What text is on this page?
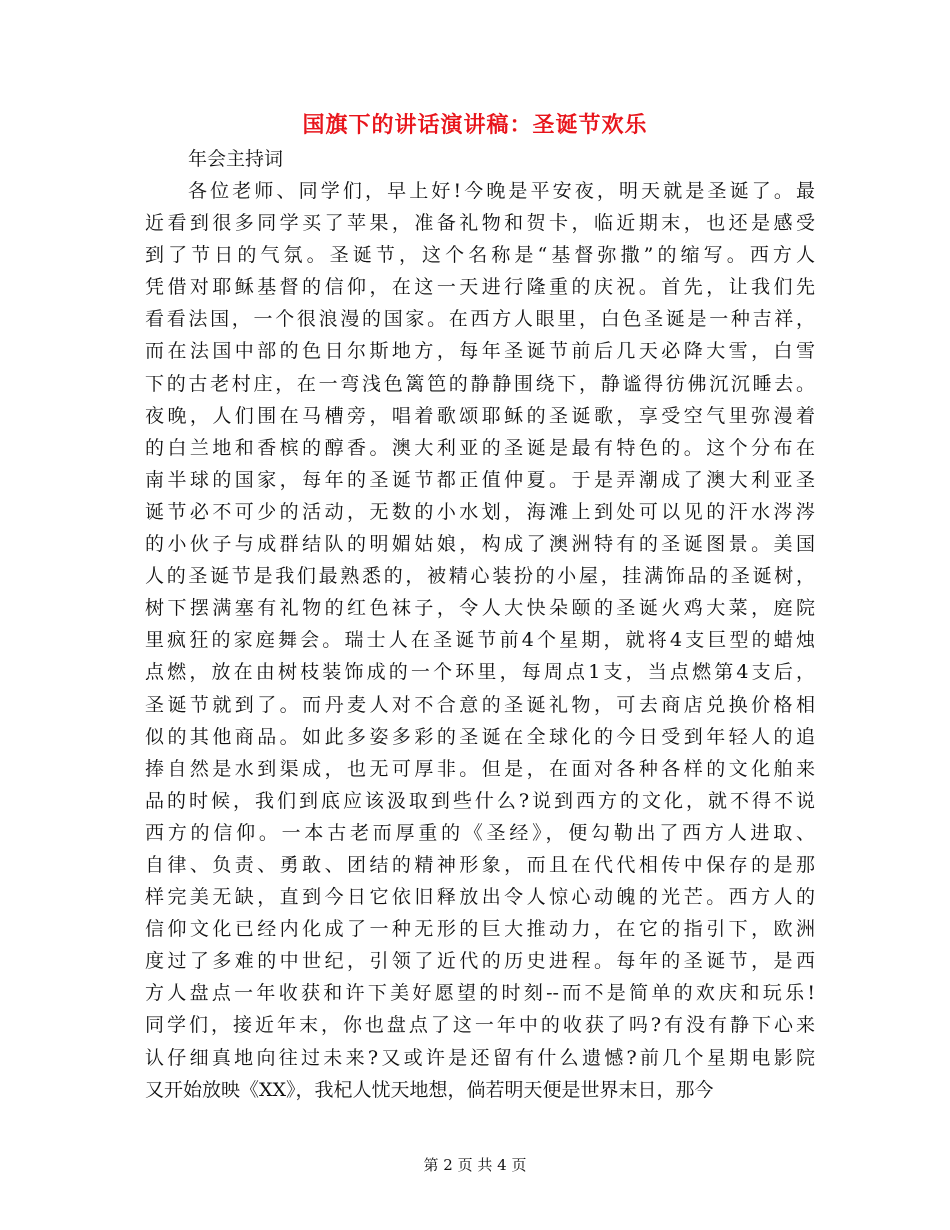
国旗下的讲话演讲稿：圣诞节欢乐

年会主持词

各位老师、同学们，早上好!今晚是平安夜，明天就是圣诞了。最
近看到很多同学买了苹果，准备礼物和贺卡，临近期末，也还是感受
到了节日的气氛。圣诞节，这个名称是“基督弥撒”的缩写。西方人
凭借对耶稣基督的信仰，在这一天进行隆重的庆祝。首先，让我们先
看看法国，一个很浪漫的国家。在西方人眼里，白色圣诞是一种吉祥，
而在法国中部的色日尔斯地方，每年圣诞节前后几天必降大雪，白雪
下的古老村庄，在一弯浅色篱笆的静静围绕下，静谧得彷佛沉沉睡去。
夜晚，人们围在马槽旁，唱着歌颂耶稣的圣诞歌，享受空气里弥漫着
的白兰地和香槟的醇香。澳大利亚的圣诞是最有特色的。这个分布在
南半球的国家，每年的圣诞节都正值仲夏。于是弄潮成了澳大利亚圣
诞节必不可少的活动，无数的小水划，海滩上到处可以见的汗水涔涔
的小伙子与成群结队的明媚姑娘，构成了澳洲特有的圣诞图景。美国
人的圣诞节是我们最熟悉的，被精心装扮的小屋，挂满饰品的圣诞树，
树下摆满塞有礼物的红色袜子，令人大快朵颐的圣诞火鸡大菜，庭院
里疯狂的家庭舞会。瑞士人在圣诞节前4个星期，就将4支巨型的蜡烛
点燃，放在由树枝装饰成的一个环里，每周点1支，当点燃第4支后，
圣诞节就到了。而丹麦人对不合意的圣诞礼物，可去商店兑换价格相
似的其他商品。如此多姿多彩的圣诞在全球化的今日受到年轻人的追
捧自然是水到渠成，也无可厚非。但是，在面对各种各样的文化舶来
品的时候，我们到底应该汲取到些什么?说到西方的文化，就不得不说
西方的信仰。一本古老而厚重的《圣经》，便勾勒出了西方人进取、
自律、负责、勇敢、团结的精神形象，而且在代代相传中保存的是那
样完美无缺，直到今日它依旧释放出令人惊心动魄的光芒。西方人的
信仰文化已经内化成了一种无形的巨大推动力，在它的指引下，欧洲
度过了多难的中世纪，引领了近代的历史进程。每年的圣诞节，是西
方人盘点一年收获和许下美好愿望的时刻--而不是简单的欢庆和玩乐!
同学们，接近年末，你也盘点了这一年中的收获了吗?有没有静下心来
认仔细真地向往过未来?又或许是还留有什么遗憾?前几个星期电影院
又开始放映《XX》，我杞人忧天地想，倘若明天便是世界末日，那今

第 2 页 共 4 页
